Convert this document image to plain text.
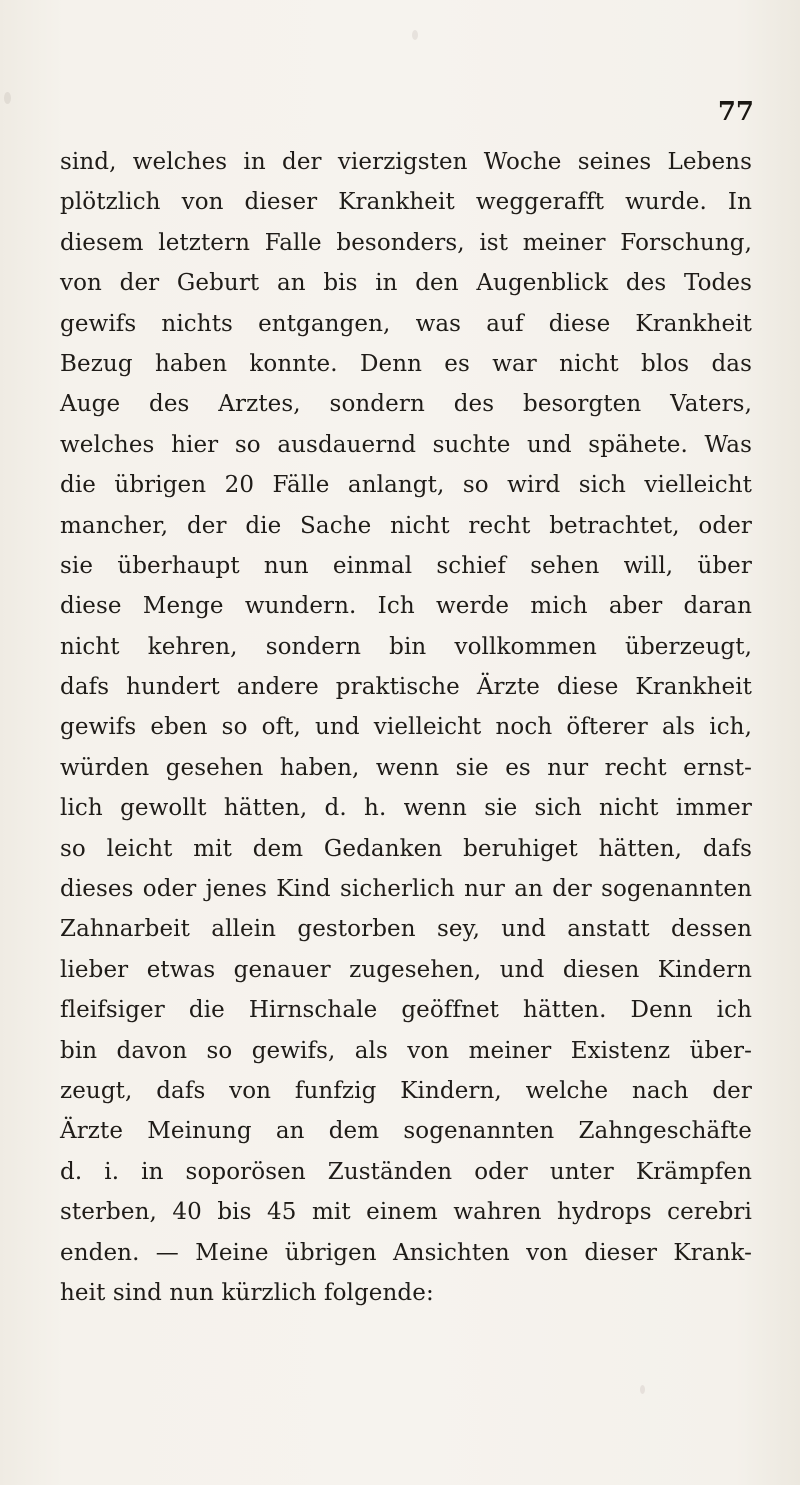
77
sind, welches in der vierzigsten Woche seines Lebens
plötzlich von dieser Krankheit weggerafft wurde. In
diesem letztern Falle besonders, ist meiner Forschung,
von der Geburt an bis in den Augenblick des Todes
gewifs nichts entgangen, was auf diese Krankheit
Bezug haben konnte. Denn es war nicht blos das
Auge des Arztes, sondern des besorgten Vaters,
welches hier so ausdauernd suchte und spähete. Was
die übrigen 20 Fälle anlangt, so wird sich vielleicht
mancher, der die Sache nicht recht betrachtet, oder
sie überhaupt nun einmal schief sehen will, über
diese Menge wundern. Ich werde mich aber daran
nicht kehren, sondern bin vollkommen überzeugt,
dafs hundert andere praktische Ärzte diese Krankheit
gewifs eben so oft, und vielleicht noch öfterer als ich,
würden gesehen haben, wenn sie es nur recht ernst-
lich gewollt hätten, d. h. wenn sie sich nicht immer
so leicht mit dem Gedanken beruhiget hätten, dafs
dieses oder jenes Kind sicherlich nur an der sogenannten
Zahnarbeit allein gestorben sey, und anstatt dessen
lieber etwas genauer zugesehen, und diesen Kindern
fleifsiger die Hirnschale geöffnet hätten. Denn ich
bin davon so gewifs, als von meiner Existenz über-
zeugt, dafs von funfzig Kindern, welche nach der
Ärzte Meinung an dem sogenannten Zahngeschäfte
d. i. in soporösen Zuständen oder unter Krämpfen
sterben, 40 bis 45 mit einem wahren hydrops cerebri
enden. — Meine übrigen Ansichten von dieser Krank-
heit sind nun kürzlich folgende:
